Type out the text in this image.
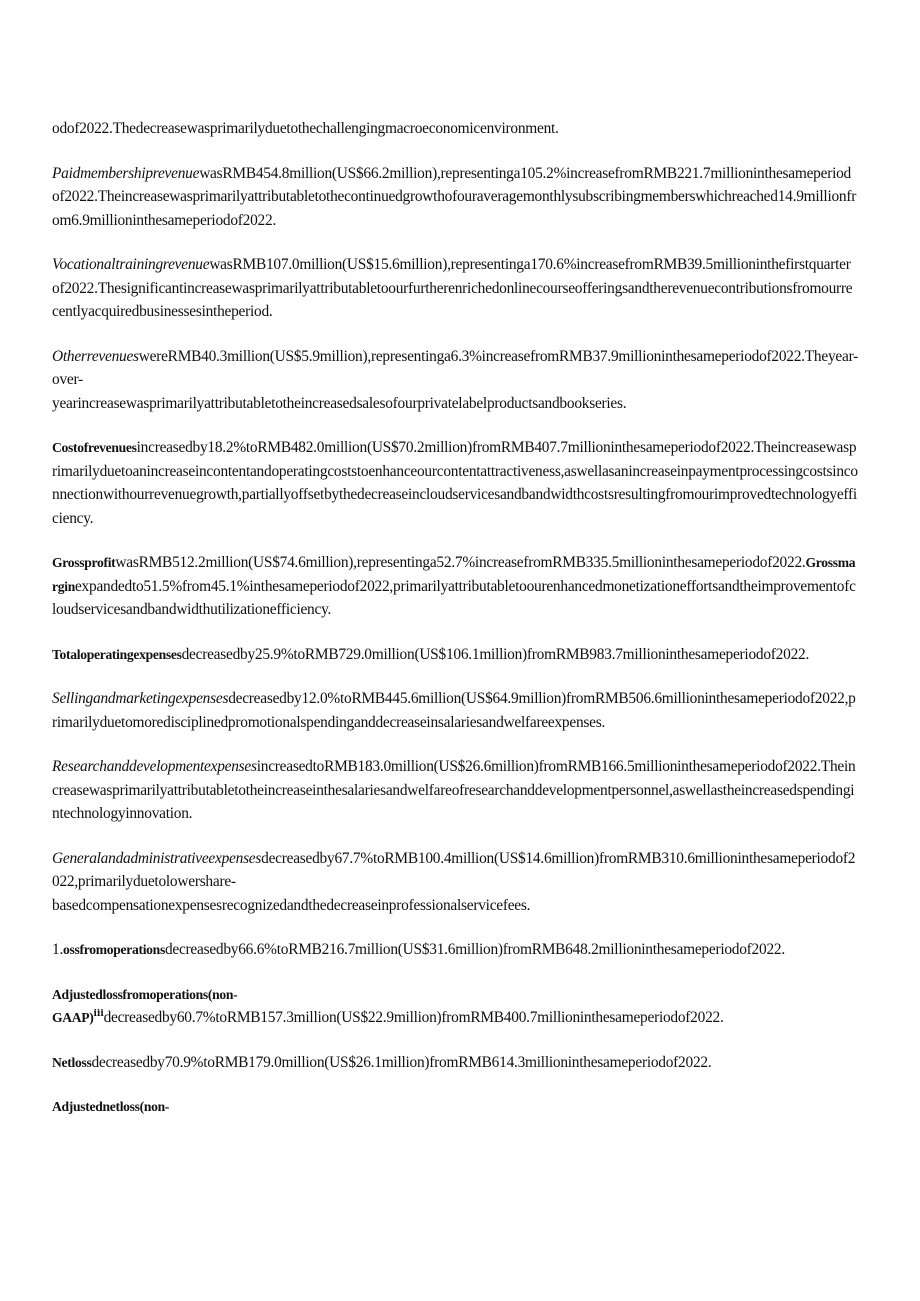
odof2022.Thedecreasewasprimarilyduetothechallengingmacroeconomicenvironment.

PaidmembershiprevenuewasRMB454.8million(US$66.2million),representinga105.2%increasefromRMB221.7millioninthesameperiodof2022.Theincreasewasprimarilyattributabletothecontinuedgrowthofouraveragemonthlysubscribingmemberswhichreached14.9millionfrom6.9millioninthesameperiodof2022.

VocationaltrainingrevenuewasRMB107.0million(US$15.6million),representinga170.6%increasefromRMB39.5millioninthefirstquarterof2022.Thesignificantincreasewasprimarilyattributabletoourfurtherenrichedonlinecourseofferingsandtherevenuecontributionsfromourrecentlyacquiredbusinessesintheperiod.

OtherrevenueswereRMB40.3million(US$5.9million),representinga6.3%increasefromRMB37.9millioninthesameperiodof2022.Theyear-over-
yearincreasewasprimarilyattributabletotheincreasedsalesofourprivatelabelproductsandbookseries.

Costofrevenuesincreasedby18.2%toRMB482.0million(US$70.2million)fromRMB407.7millioninthesameperiodof2022.Theincreasewasprimarilyduetoanincreaseincontentandoperatingcoststoenhanceourcontentattractiveness,aswellasanincreaseinpaymentprocessingcostsinconnectionwithourrevenuegrowth,partiallyoffsetbythedecreaseincloudservicesandbandwidthcostsresultingfromourimprovedtechnologyefficiency.

GrossprofitwasRMB512.2million(US$74.6million),representinga52.7%increasefromRMB335.5millioninthesameperiodof2022.Grossmarginexpandedto51.5%from45.1%inthesameperiodof2022,primarilyattributabletoourenhancedmonetizationeffortsandtheimprovementofcloudservicesandbandwidthutilizationefficiency.

Totaloperatingexpensesdecreasedby25.9%toRMB729.0million(US$106.1million)fromRMB983.7millioninthesameperiodof2022.

Sellingandmarketingexpensesdecreasedby12.0%toRMB445.6million(US$64.9million)fromRMB506.6millioninthesameperiodof2022,primarilyduetomoredisciplinedpromotionalspendinganddecreaseinsalariesandwelfareexpenses.

ResearchanddevelopmentexpensesincreasedtoRMB183.0million(US$26.6million)fromRMB166.5millioninthesameperiodof2022.Theincreasewasprimarilyattributabletotheincreaseinthesalariesandwelfareofresearchanddevelopmentpersonnel,aswellastheincreasedspendingintechnologyinnovation.

Generalandadministrativeexpensesdecreasedby67.7%toRMB100.4million(US$14.6million)fromRMB310.6millioninthesameperiodof2022,primarilyduetolowershare-
basedcompensationexpensesrecognizedandthedecreaseinprofessionalservicefees.

1.ossfromoperationsdecreasedby66.6%toRMB216.7million(US$31.6million)fromRMB648.2millioninthesameperiodof2022.

Adjustedlossfromoperations(non-
GAAP)$^ⅲ$decreasedby60.7%toRMB157.3million(US$22.9million)fromRMB400.7millioninthesameperiodof2022.

Netlossdecreasedby70.9%toRMB179.0million(US$26.1million)fromRMB614.3millioninthesameperiodof2022.

Adjustednetloss(non-
